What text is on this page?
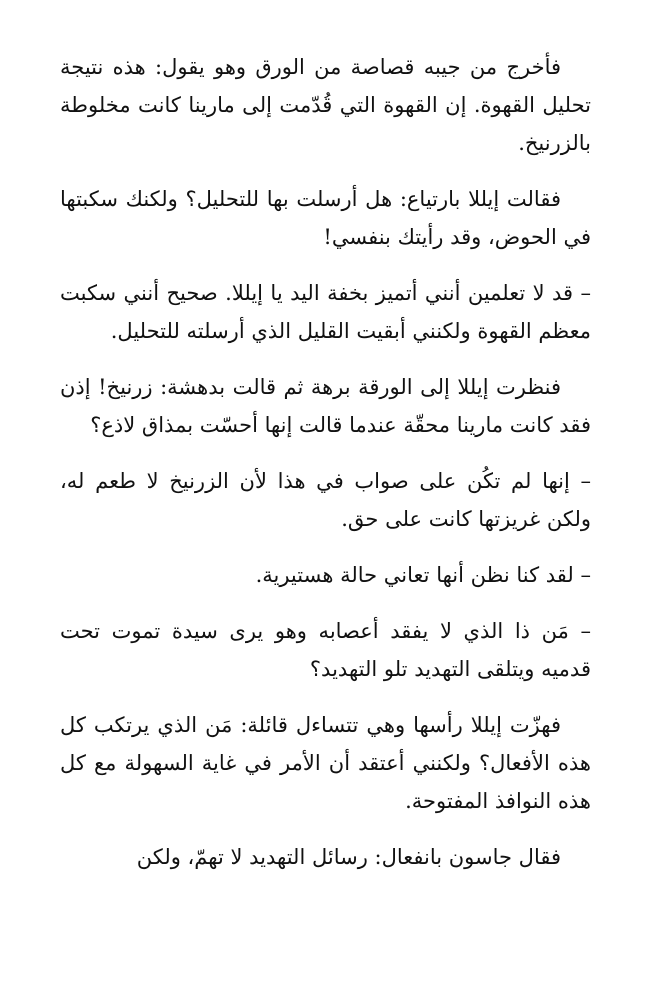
فأخرج من جيبه قصاصة من الورق وهو يقول: هذه نتيجة تحليل القهوة. إن القهوة التي قُدّمت إلى مارينا كانت مخلوطة بالزرنيخ.

فقالت إيللا بارتياع: هل أرسلت بها للتحليل؟ ولكنك سكبتها في الحوض، وقد رأيتك بنفسي!

– قد لا تعلمين أنني أتميز بخفة اليد يا إيللا. صحيح أنني سكبت معظم القهوة ولكنني أبقيت القليل الذي أرسلته للتحليل.

فنظرت إيللا إلى الورقة برهة ثم قالت بدهشة: زرنيخ! إذن فقد كانت مارينا محقّة عندما قالت إنها أحسّت بمذاق لاذع؟

– إنها لم تكُن على صواب في هذا لأن الزرنيخ لا طعم له، ولكن غريزتها كانت على حق.

– لقد كنا نظن أنها تعاني حالة هستيرية.

– مَن ذا الذي لا يفقد أعصابه وهو يرى سيدة تموت تحت قدميه ويتلقى التهديد تلو التهديد؟

فهزّت إيللا رأسها وهي تتساءل قائلة: مَن الذي يرتكب كل هذه الأفعال؟ ولكنني أعتقد أن الأمر في غاية السهولة مع كل هذه النوافذ المفتوحة.

فقال جاسون بانفعال: رسائل التهديد لا تهمّ، ولكن
